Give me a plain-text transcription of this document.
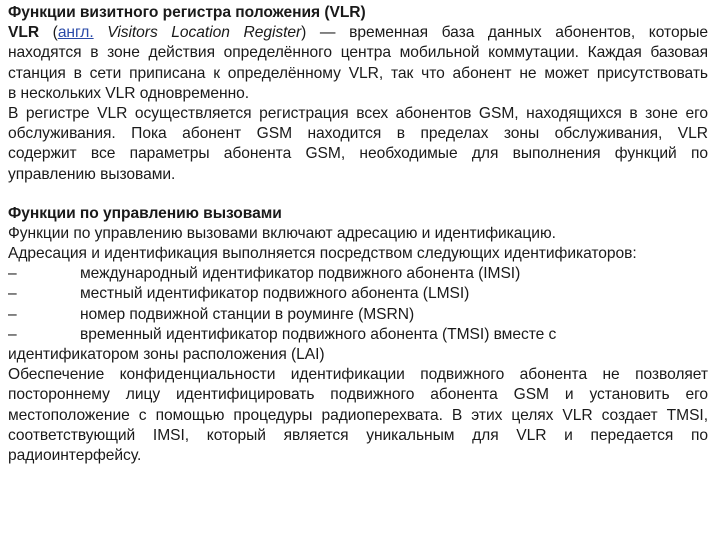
Функции визитного регистра положения (VLR)
VLR (англ. Visitors Location Register) — временная база данных абонентов, которые
находятся в зоне действия определённого центра мобильной коммутации. Каждая базовая
станция в сети приписана к определённому VLR, так что абонент не может присутствовать
в нескольких VLR одновременно.
В регистре VLR осуществляется регистрация всех абонентов GSM, находящихся в зоне его
обслуживания. Пока абонент GSM находится в пределах зоны обслуживания, VLR
содержит все параметры абонента GSM, необходимые для выполнения функций по
управлению вызовами.
Функции по управлению вызовами
Функции по управлению вызовами включают адресацию и идентификацию.
Адресация и идентификация выполняется посредством следующих идентификаторов:
–	международный идентификатор подвижного абонента (IMSI)
–	местный идентификатор подвижного абонента (LMSI)
–	номер подвижной станции в роуминге (MSRN)
–	временный идентификатор подвижного абонента (TMSI) вместе с
идентификатором зоны расположения (LAI)
Обеспечение конфиденциальности идентификации подвижного абонента не позволяет
постороннему лицу идентифицировать подвижного абонента GSM и установить его
местоположение с помощью процедуры радиоперехвата. В этих целях VLR создает TMSI,
соответствующий IMSI, который является уникальным для VLR и передается по
радиоинтерфейсу.
